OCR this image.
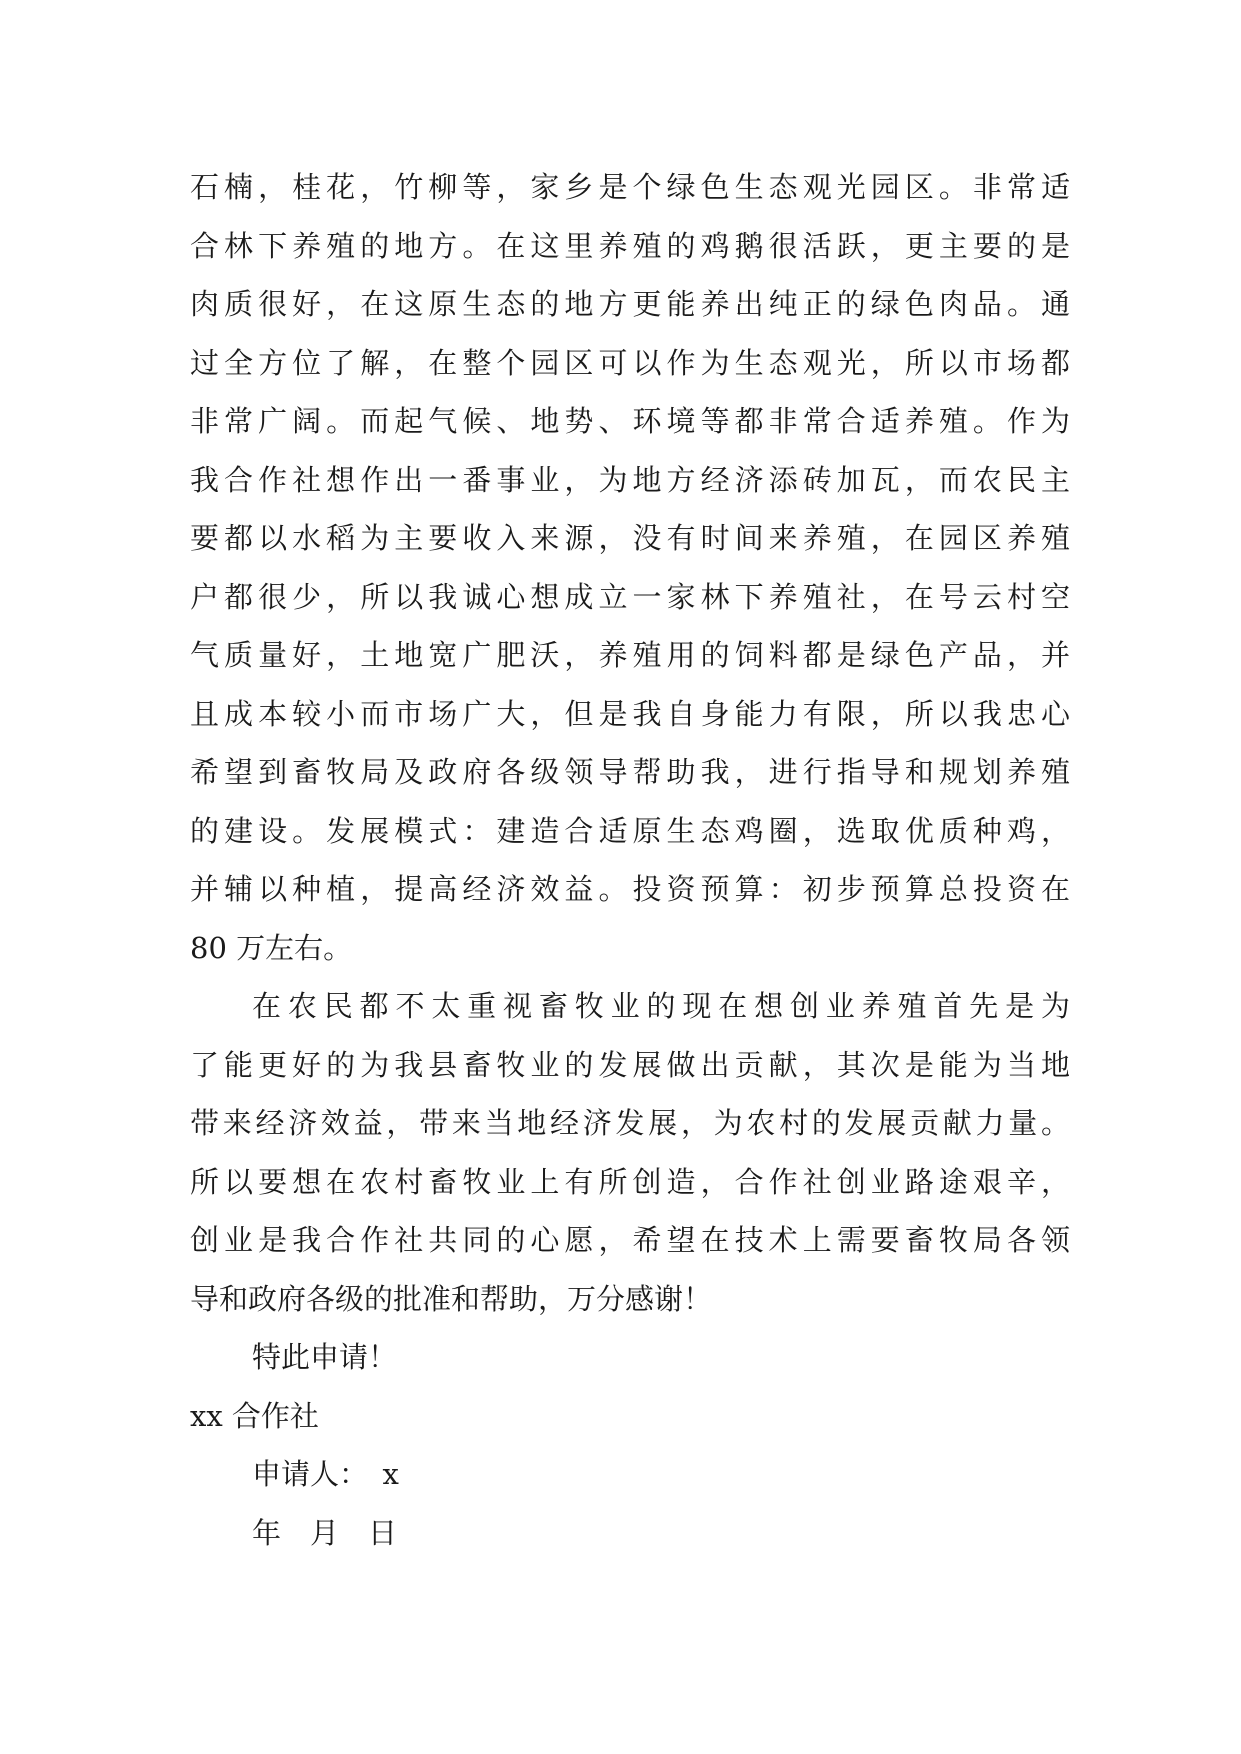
石楠，桂花，竹柳等，家乡是个绿色生态观光园区。非常适
合林下养殖的地方。在这里养殖的鸡鹅很活跃，更主要的是
肉质很好，在这原生态的地方更能养出纯正的绿色肉品。通
过全方位了解，在整个园区可以作为生态观光，所以市场都
非常广阔。而起气候、地势、环境等都非常合适养殖。作为
我合作社想作出一番事业，为地方经济添砖加瓦，而农民主
要都以水稻为主要收入来源，没有时间来养殖，在园区养殖
户都很少，所以我诚心想成立一家林下养殖社，在号云村空
气质量好，土地宽广肥沃，养殖用的饲料都是绿色产品，并
且成本较小而市场广大，但是我自身能力有限，所以我忠心
希望到畜牧局及政府各级领导帮助我，进行指导和规划养殖
的建设。发展模式：建造合适原生态鸡圈，选取优质种鸡，
并辅以种植，提高经济效益。投资预算：初步预算总投资在
80 万左右。
在农民都不太重视畜牧业的现在想创业养殖首先是为
了能更好的为我县畜牧业的发展做出贡献，其次是能为当地
带来经济效益，带来当地经济发展，为农村的发展贡献力量。
所以要想在农村畜牧业上有所创造，合作社创业路途艰辛，
创业是我合作社共同的心愿，希望在技术上需要畜牧局各领
导和政府各级的批准和帮助，万分感谢！
特此申请！
xx 合作社
申请人：　x
年　月　日
